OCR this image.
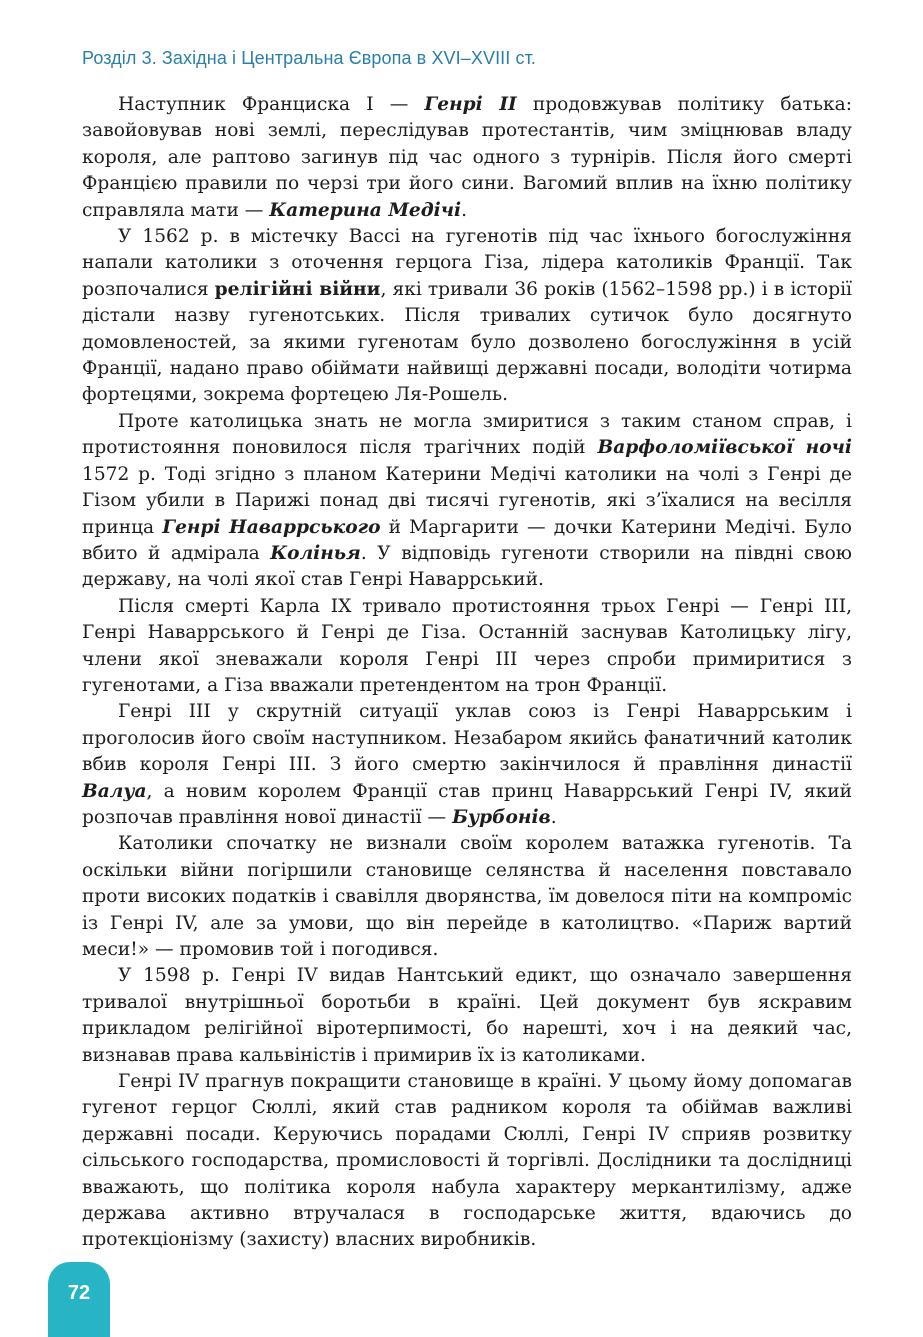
Розділ 3. Західна і Центральна Європа в XVI–XVIII ст.

Наступник Франциска І — Генрі ІІ продовжував політику батька: завойовував нові землі, переслідував протестантів, чим зміцнював владу короля, але раптово загинув під час одного з турнірів. Після його смерті Францією правили по черзі три його сини. Вагомий вплив на їхню політику справляла мати — Катерина Медічі.

У 1562 р. в містечку Вассі на гугенотів під час їхнього богослужіння напали католики з оточення герцога Гіза, лідера католиків Франції. Так розпочалися релігійні війни, які тривали 36 років (1562–1598 рр.) і в історії дістали назву гугенотських. Після тривалих сутичок було досягнуто домовленостей, за якими гугенотам було дозволено богослужіння в усій Франції, надано право обіймати найвищі державні посади, володіти чотирма фортецями, зокрема фортецею Ля-Рошель.

Проте католицька знать не могла змиритися з таким станом справ, і протистояння поновилося після трагічних подій Варфоломіївської ночі 1572 р. Тоді згідно з планом Катерини Медічі католики на чолі з Генрі де Гізом убили в Парижі понад дві тисячі гугенотів, які з’їхалися на весілля принца Генрі Наваррського й Маргарити — дочки Катерини Медічі. Було вбито й адмірала Колінья. У відповідь гугеноти створили на півдні свою державу, на чолі якої став Генрі Наваррський.

Після смерті Карла IX тривало протистояння трьох Генрі — Генрі III, Генрі Наваррського й Генрі де Гіза. Останній заснував Католицьку лігу, члени якої зневажали короля Генрі III через спроби примиритися з гугенотами, а Гіза вважали претендентом на трон Франції.

Генрі III у скрутній ситуації уклав союз із Генрі Наваррським і проголосив його своїм наступником. Незабаром якийсь фанатичний католик вбив короля Генрі III. З його смертю закінчилося й правління династії Валуа, а новим королем Франції став принц Наваррський Генрі IV, який розпочав правління нової династії — Бурбонів.

Католики спочатку не визнали своїм королем ватажка гугенотів. Та оскільки війни погіршили становище селянства й населення повставало проти високих податків і свавілля дворянства, їм довелося піти на компроміс із Генрі IV, але за умови, що він перейде в католицтво. «Париж вартий меси!» — промовив той і погодився.

У 1598 р. Генрі IV видав Нантський едикт, що означало завершення тривалої внутрішньої боротьби в країні. Цей документ був яскравим прикладом релігійної віротерпимості, бо нарешті, хоч і на деякий час, визнавав права кальвіністів і примирив їх із католиками.

Генрі IV прагнув покращити становище в країні. У цьому йому допомагав гугенот герцог Сюллі, який став радником короля та обіймав важливі державні посади. Керуючись порадами Сюллі, Генрі IV сприяв розвитку сільського господарства, промисловості й торгівлі. Дослідники та дослідниці вважають, що політика короля набула характеру меркантилізму, адже держава активно втручалася в господарське життя, вдаючись до протекціонізму (захисту) власних виробників.

72
